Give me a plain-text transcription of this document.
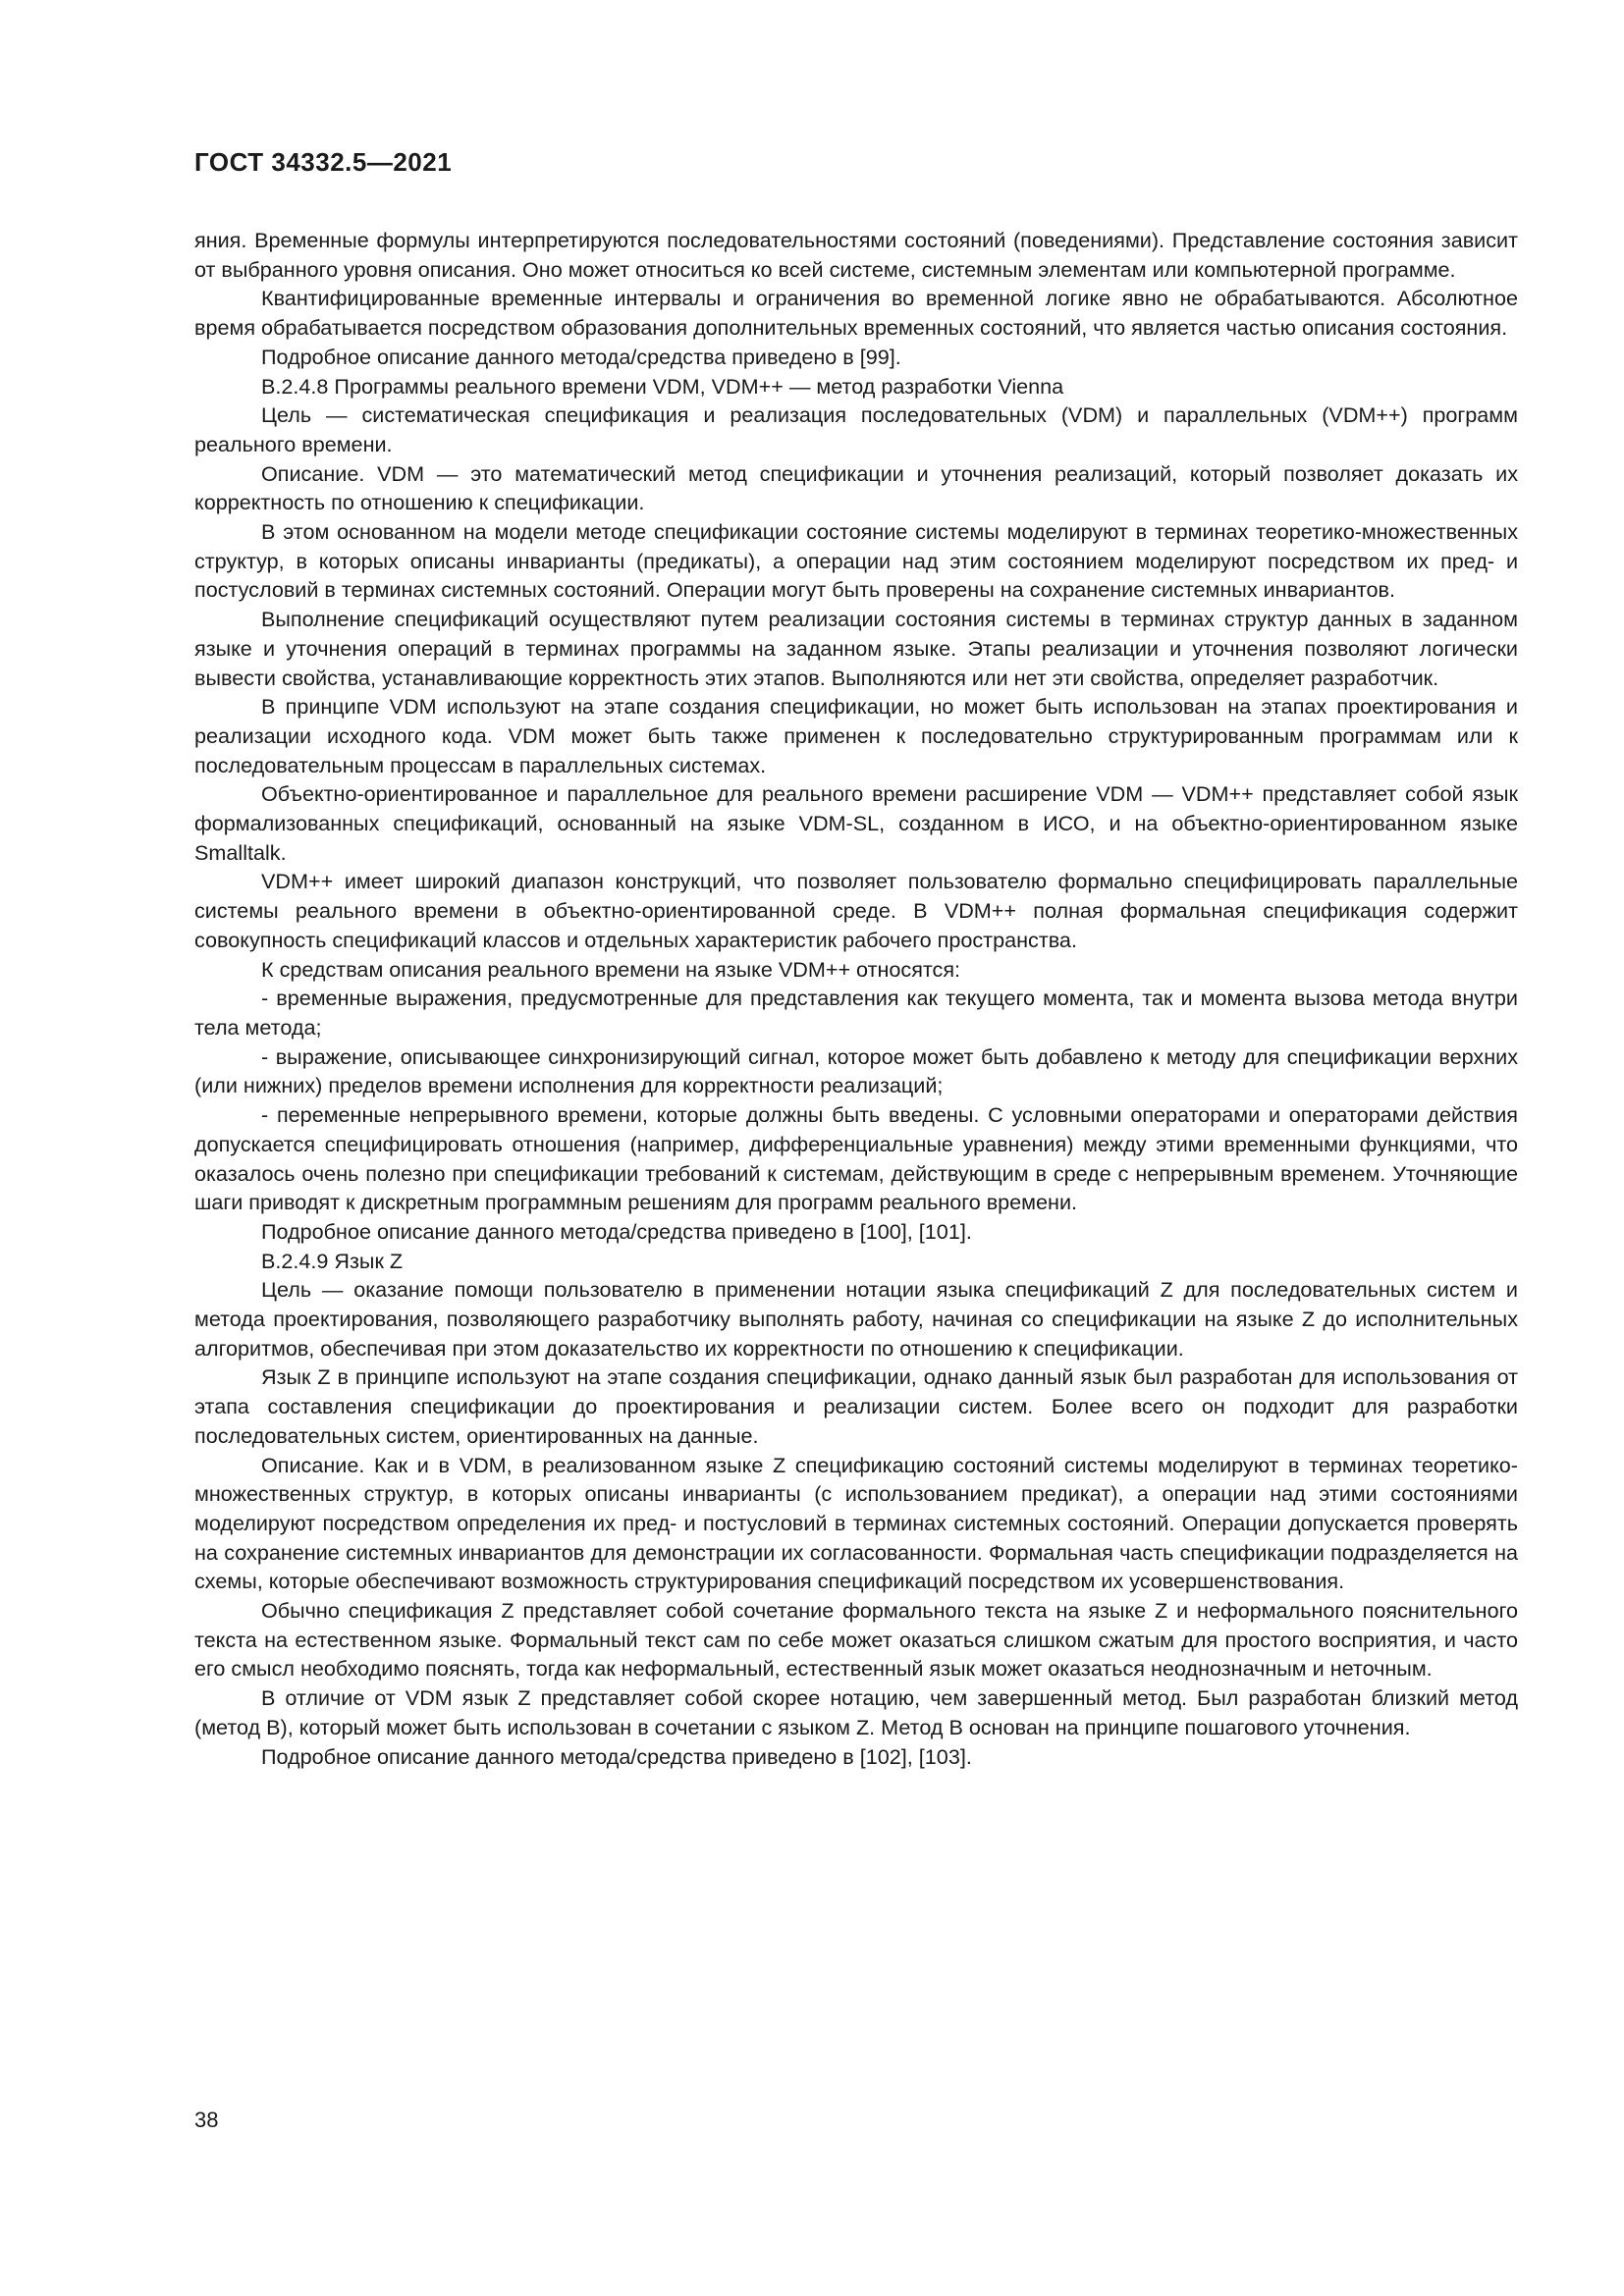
ГОСТ 34332.5—2021

яния. Временные формулы интерпретируются последовательностями состояний (поведениями). Представление состояния зависит от выбранного уровня описания. Оно может относиться ко всей системе, системным элементам или компьютерной программе.

Квантифицированные временные интервалы и ограничения во временной логике явно не обрабатываются. Абсолютное время обрабатывается посредством образования дополнительных временных состояний, что является частью описания состояния.

Подробное описание данного метода/средства приведено в [99].

B.2.4.8 Программы реального времени VDM, VDM++ — метод разработки Vienna

Цель — систематическая спецификация и реализация последовательных (VDM) и параллельных (VDM++) программ реального времени.

Описание. VDM — это математический метод спецификации и уточнения реализаций, который позволяет доказать их корректность по отношению к спецификации.

В этом основанном на модели методе спецификации состояние системы моделируют в терминах теоретико-множественных структур, в которых описаны инварианты (предикаты), а операции над этим состоянием моделируют посредством их пред- и постусловий в терминах системных состояний. Операции могут быть проверены на сохранение системных инвариантов.

Выполнение спецификаций осуществляют путем реализации состояния системы в терминах структур данных в заданном языке и уточнения операций в терминах программы на заданном языке. Этапы реализации и уточнения позволяют логически вывести свойства, устанавливающие корректность этих этапов. Выполняются или нет эти свойства, определяет разработчик.

В принципе VDM используют на этапе создания спецификации, но может быть использован на этапах проектирования и реализации исходного кода. VDM может быть также применен к последовательно структурированным программам или к последовательным процессам в параллельных системах.

Объектно-ориентированное и параллельное для реального времени расширение VDM — VDM++ представляет собой язык формализованных спецификаций, основанный на языке VDM-SL, созданном в ИСО, и на объектно-ориентированном языке Smalltalk.

VDM++ имеет широкий диапазон конструкций, что позволяет пользователю формально специфицировать параллельные системы реального времени в объектно-ориентированной среде. В VDM++ полная формальная спецификация содержит совокупность спецификаций классов и отдельных характеристик рабочего пространства.

К средствам описания реального времени на языке VDM++ относятся:

- временные выражения, предусмотренные для представления как текущего момента, так и момента вызова метода внутри тела метода;

- выражение, описывающее синхронизирующий сигнал, которое может быть добавлено к методу для спецификации верхних (или нижних) пределов времени исполнения для корректности реализаций;

- переменные непрерывного времени, которые должны быть введены. С условными операторами и операторами действия допускается специфицировать отношения (например, дифференциальные уравнения) между этими временными функциями, что оказалось очень полезно при спецификации требований к системам, действующим в среде с непрерывным временем. Уточняющие шаги приводят к дискретным программным решениям для программ реального времени.

Подробное описание данного метода/средства приведено в [100], [101].

B.2.4.9 Язык Z

Цель — оказание помощи пользователю в применении нотации языка спецификаций Z для последовательных систем и метода проектирования, позволяющего разработчику выполнять работу, начиная со спецификации на языке Z до исполнительных алгоритмов, обеспечивая при этом доказательство их корректности по отношению к спецификации.

Язык Z в принципе используют на этапе создания спецификации, однако данный язык был разработан для использования от этапа составления спецификации до проектирования и реализации систем. Более всего он подходит для разработки последовательных систем, ориентированных на данные.

Описание. Как и в VDM, в реализованном языке Z спецификацию состояний системы моделируют в терминах теоретико-множественных структур, в которых описаны инварианты (с использованием предикат), а операции над этими состояниями моделируют посредством определения их пред- и постусловий в терминах системных состояний. Операции допускается проверять на сохранение системных инвариантов для демонстрации их согласованности. Формальная часть спецификации подразделяется на схемы, которые обеспечивают возможность структурирования спецификаций посредством их усовершенствования.

Обычно спецификация Z представляет собой сочетание формального текста на языке Z и неформального пояснительного текста на естественном языке. Формальный текст сам по себе может оказаться слишком сжатым для простого восприятия, и часто его смысл необходимо пояснять, тогда как неформальный, естественный язык может оказаться неоднозначным и неточным.

В отличие от VDM язык Z представляет собой скорее нотацию, чем завершенный метод. Был разработан близкий метод (метод B), который может быть использован в сочетании с языком Z. Метод B основан на принципе пошагового уточнения.

Подробное описание данного метода/средства приведено в [102], [103].

38
